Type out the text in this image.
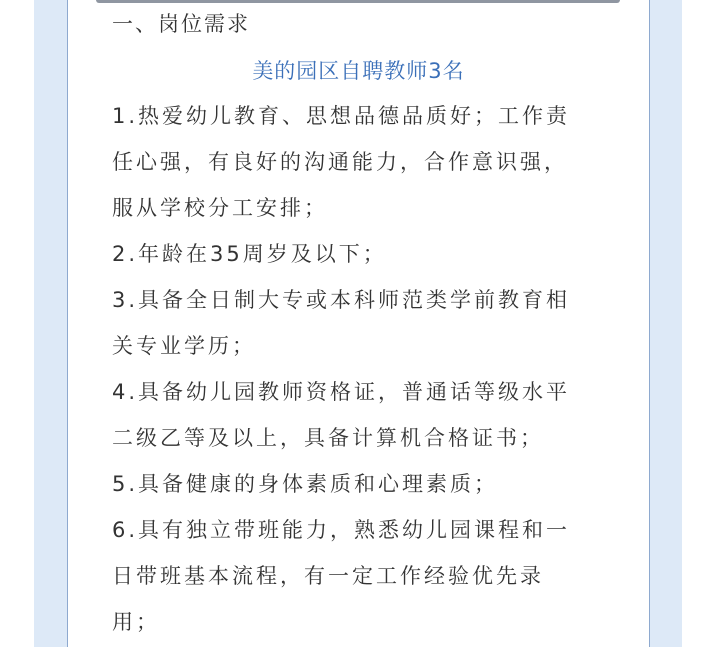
一、岗位需求
美的园区自聘教师3名
1.热爱幼儿教育、思想品德品质好；工作责
任心强，有良好的沟通能力，合作意识强，
服从学校分工安排；
2.年龄在35周岁及以下；
3.具备全日制大专或本科师范类学前教育相
关专业学历；
4.具备幼儿园教师资格证，普通话等级水平
二级乙等及以上，具备计算机合格证书；
5.具备健康的身体素质和心理素质；
6.具有独立带班能力，熟悉幼儿园课程和一
日带班基本流程，有一定工作经验优先录
用；
